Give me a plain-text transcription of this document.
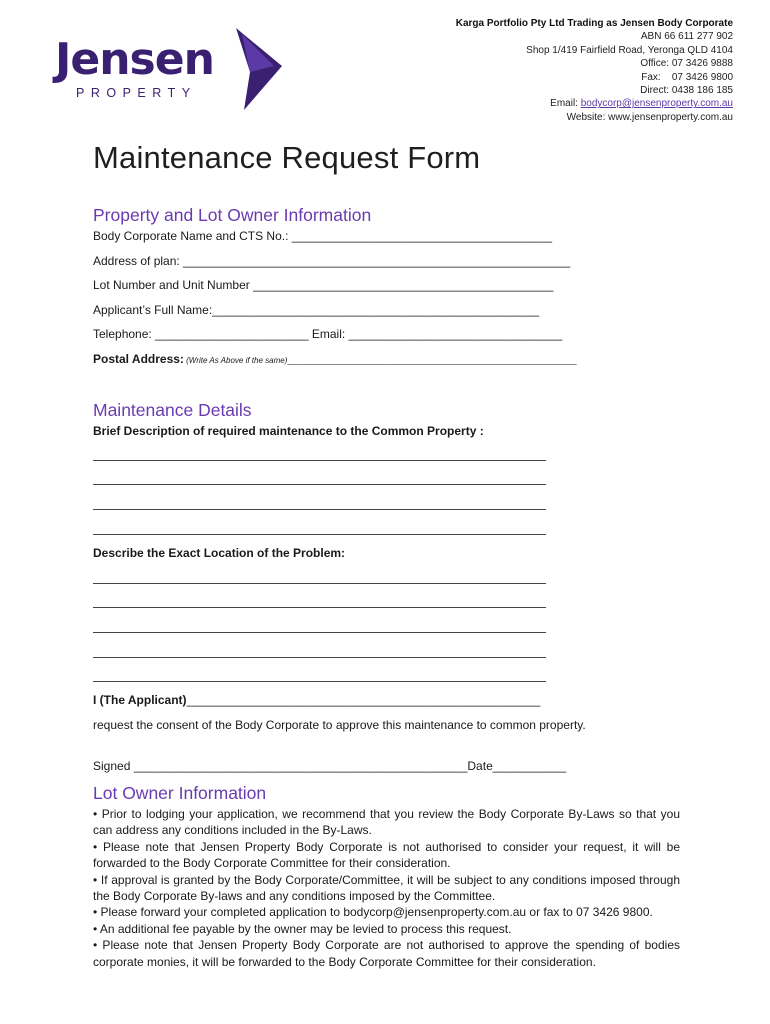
Jensen
PROPERTY
Karga Portfolio Pty Ltd Trading as Jensen Body Corporate
ABN 66 611 277 902
Shop 1/419 Fairfield Road, Yeronga QLD 4104
Office: 07 3426 9888
Fax:    07 3426 9800
Direct: 0438 186 185
Email: bodycorp@jensenproperty.com.au
Website: www.jensenproperty.com.au
Maintenance Request Form
Property and Lot Owner Information
Body Corporate Name and CTS No.: _______________________________________
Address of plan: __________________________________________________________
Lot Number and Unit Number _____________________________________________
Applicant’s Full Name:_________________________________________________
Telephone: _______________________ Email: ________________________________
Postal Address: (Write As Above if the same)_________________________________________________________________
Maintenance Details
Brief Description of required maintenance to the Common Property :
Describe the Exact Location of the Problem:
I (The Applicant)_____________________________________________________
request the consent of the Body Corporate to approve this maintenance to common property.
Signed __________________________________________________Date___________
Lot Owner Information

• Prior to lodging your application, we recommend that you review the Body Corporate By-Laws so that you can address any conditions included in the By-Laws.

• Please note that Jensen Property Body Corporate is not authorised to consider your request, it will be forwarded to the Body Corporate Committee for their consideration.

• If approval is granted by the Body Corporate/Committee, it will be subject to any conditions imposed through the Body Corporate By-laws and any conditions imposed by the Committee.

• Please forward your completed application to bodycorp@jensenproperty.com.au or fax to 07 3426 9800.

• An additional fee payable by the owner may be levied to process this request.

• Please note that Jensen Property Body Corporate are not authorised to approve the spending of bodies corporate monies, it will be forwarded to the Body Corporate Committee for their consideration.
